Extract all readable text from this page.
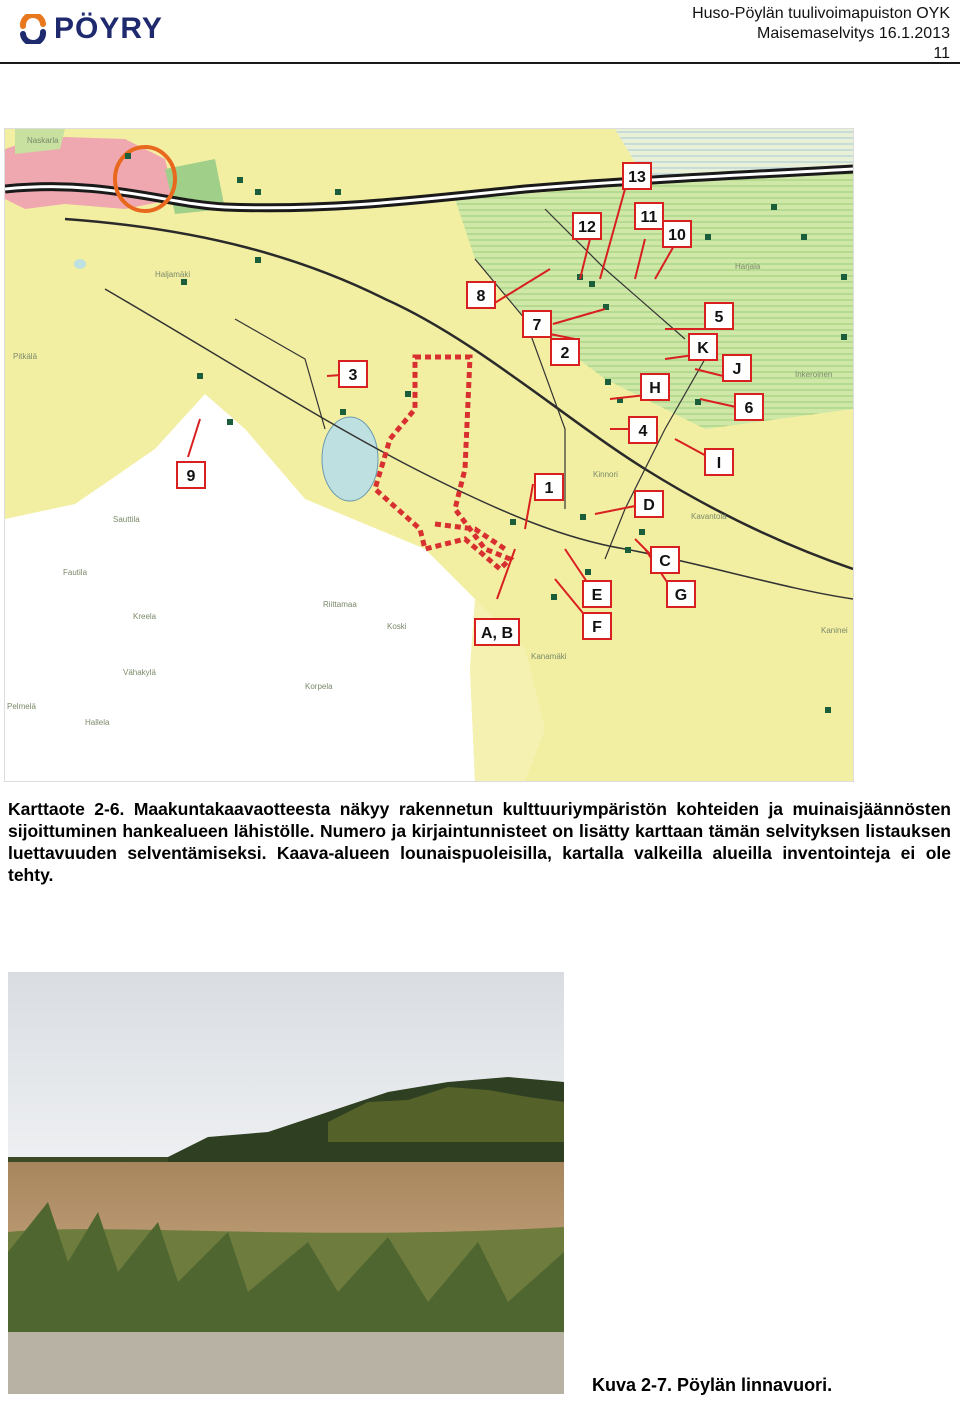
PÖYRY	Huso-Pöylän tuulivoimapuiston OYK
Maisemaselvitys 16.1.2013
11
Naskarla
Pitkälä
Haljamäki
Sauttila
Fautila
Kreela
Riittamaa
Koski
Kanamäki
Kavantola
Kinnori
Vähakylä
Korpela
Hallela
Pelmelä
Kaninei
Inkeroinen
Harjala
13
12
11
10
8
7
2
5
K
3	J
H
6
4
I
9
1
D
C
G
E
F
A, B
Karttaote 2-6. Maakuntakaavaotteesta näkyy rakennetun kulttuuriympäristön kohteiden ja muinaisjäännösten sijoittuminen hankealueen lähistölle. Numero ja kirjaintunnisteet on lisätty karttaan tämän selvityksen listauksen luettavuuden selventämiseksi. Kaava-alueen lounaispuoleisilla, kartalla valkeilla alueilla inventointeja ei ole tehty.
Kuva 2-7. Pöylän linnavuori.
